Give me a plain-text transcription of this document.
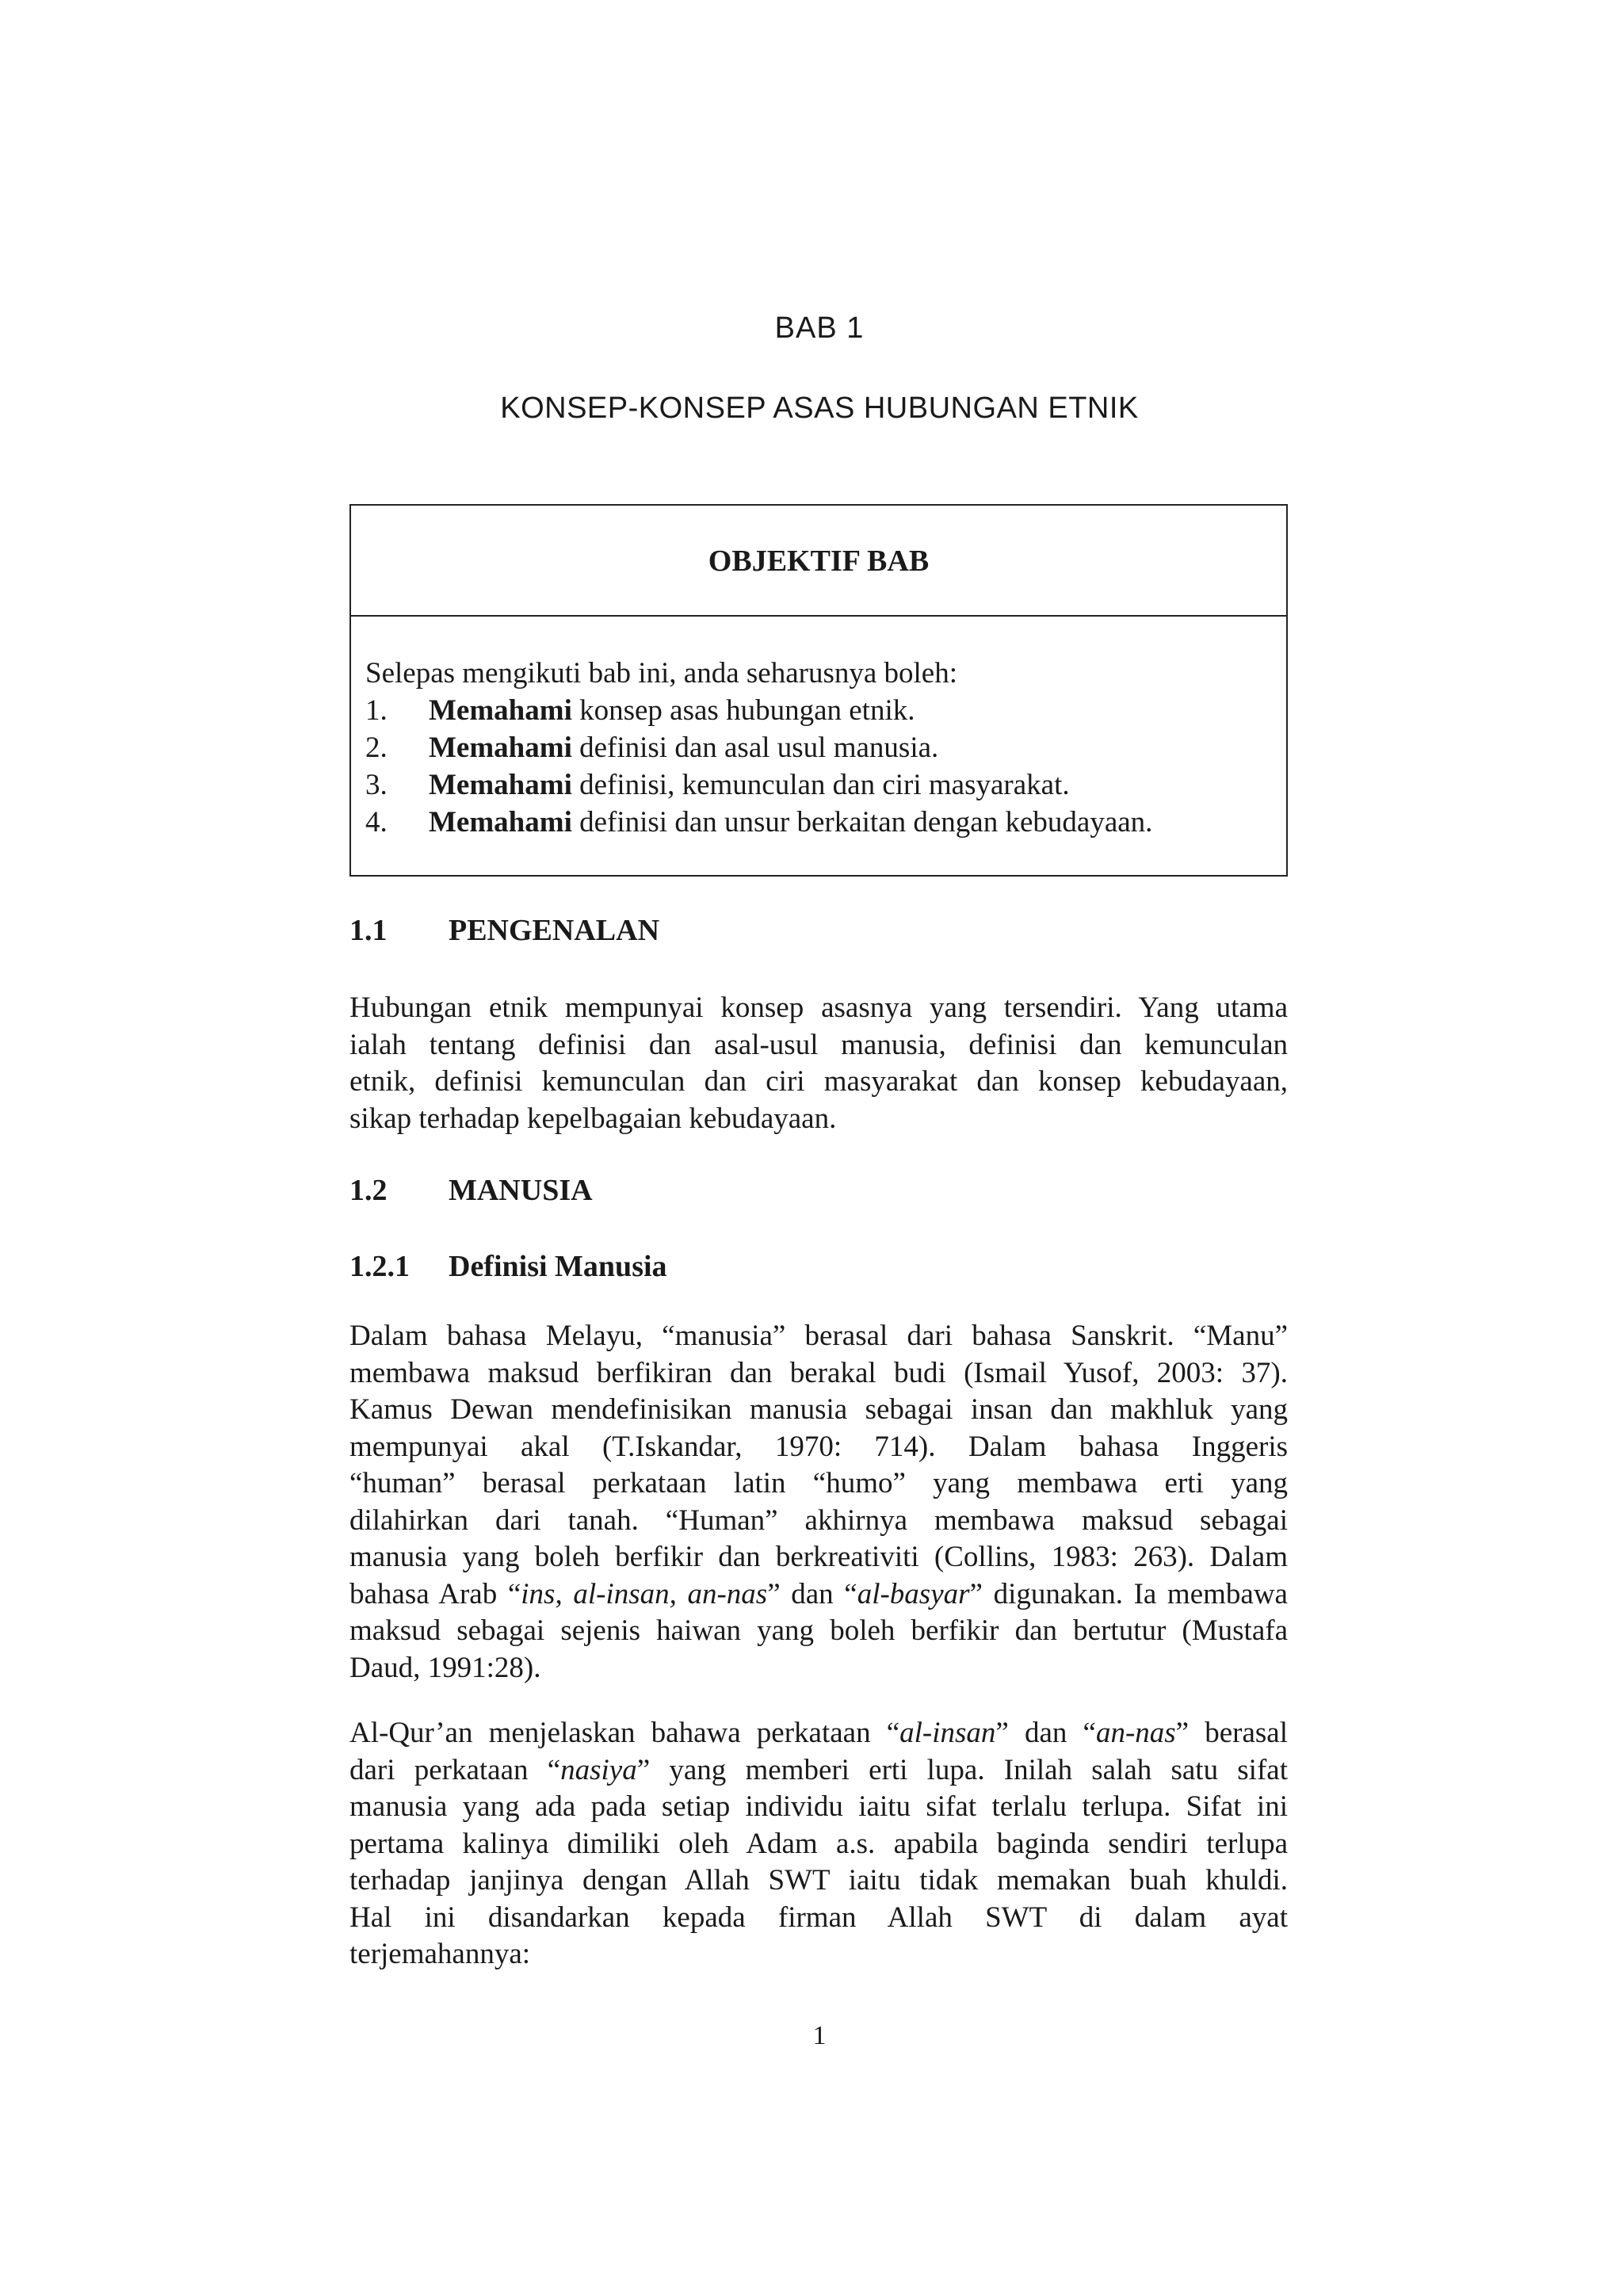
BAB 1
KONSEP-KONSEP ASAS HUBUNGAN ETNIK
OBJEKTIF BAB
Selepas mengikuti bab ini, anda seharusnya boleh:
1.	Memahami konsep asas hubungan etnik.
2.	Memahami definisi dan asal usul manusia.
3.	Memahami definisi, kemunculan dan ciri masyarakat.
4.	Memahami definisi dan unsur berkaitan dengan kebudayaan.
1.1	PENGENALAN
Hubungan etnik mempunyai konsep asasnya yang tersendiri. Yang utama
ialah tentang definisi dan asal-usul manusia, definisi dan kemunculan
etnik, definisi kemunculan dan ciri masyarakat dan konsep kebudayaan,
sikap terhadap kepelbagaian kebudayaan.
1.2	MANUSIA
1.2.1	Definisi Manusia
Dalam bahasa Melayu, “manusia” berasal dari bahasa Sanskrit. “Manu”
membawa maksud berfikiran dan berakal budi (Ismail Yusof, 2003: 37).
Kamus Dewan mendefinisikan manusia sebagai insan dan makhluk yang
mempunyai akal (T.Iskandar, 1970: 714). Dalam bahasa Inggeris
“human” berasal perkataan latin “humo” yang membawa erti yang
dilahirkan dari tanah. “Human” akhirnya membawa maksud sebagai
manusia yang boleh berfikir dan berkreativiti (Collins, 1983: 263). Dalam
bahasa Arab “ins, al-insan, an-nas” dan “al-basyar” digunakan. Ia membawa
maksud sebagai sejenis haiwan yang boleh berfikir dan bertutur (Mustafa
Daud, 1991:28).
Al-Qur’an menjelaskan bahawa perkataan “al-insan” dan “an-nas” berasal
dari perkataan “nasiya” yang memberi erti lupa. Inilah salah satu sifat
manusia yang ada pada setiap individu iaitu sifat terlalu terlupa. Sifat ini
pertama kalinya dimiliki oleh Adam a.s. apabila baginda sendiri terlupa
terhadap janjinya dengan Allah SWT iaitu tidak memakan buah khuldi.
Hal ini disandarkan kepada firman Allah SWT di dalam ayat
terjemahannya:
1
